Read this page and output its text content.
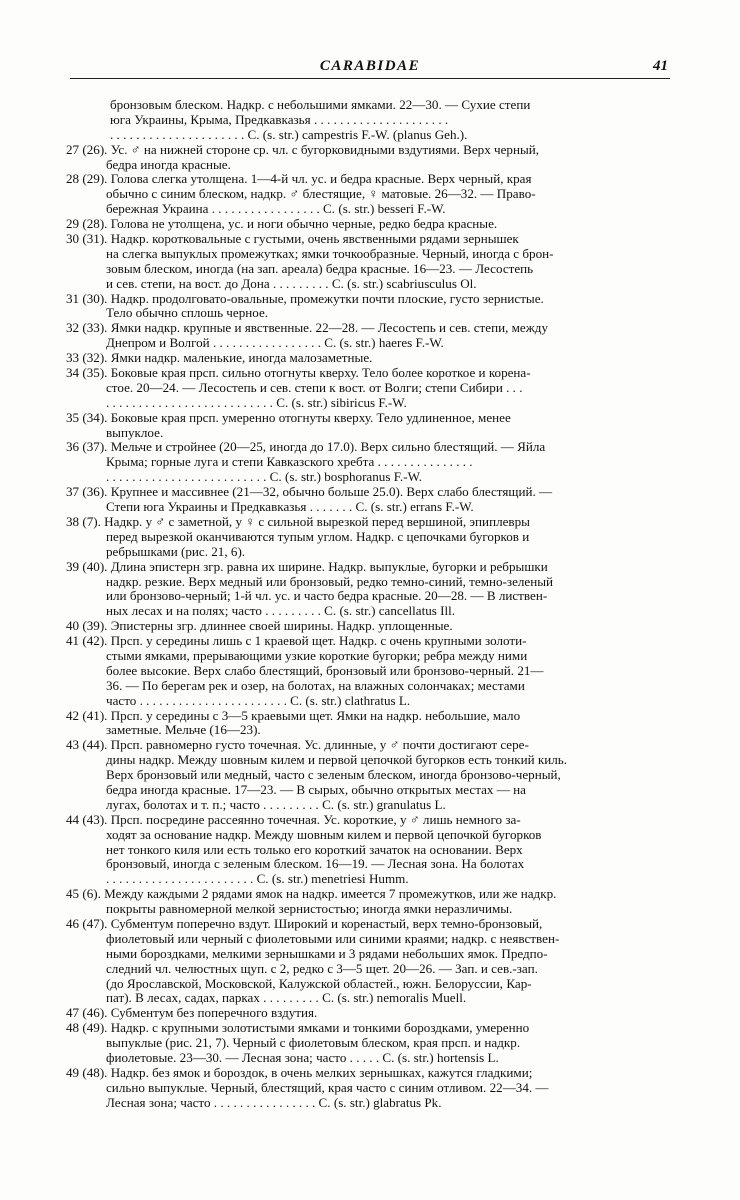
CARABIDAE	41
бронзовым блеском. Надкр. с небольшими ямками. 22—30. — Сухие степи
юга Украины, Крыма, Предкавказья . . . . . . . . . . . . . . . . . . . . .
. . . . . . . . . . . . . . . . . . . . . C. (s. str.) campestris F.-W. (planus Geh.).
27 (26). Ус. ♂ на нижней стороне ср. чл. с бугорковидными вздутиями. Верх черный,
бедра иногда красные.
28 (29). Голова слегка утолщена. 1—4-й чл. ус. и бедра красные. Верх черный, края
обычно с синим блеском, надкр. ♂ блестящие, ♀ матовые. 26—32. — Право-
бережная Украина . . . . . . . . . . . . . . . . . C. (s. str.) besseri F.-W.
29 (28). Голова не утолщена, ус. и ноги обычно черные, редко бедра красные.
30 (31). Надкр. коротковальные с густыми, очень явственными рядами зернышек
на слегка выпуклых промежутках; ямки точкообразные. Черный, иногда с брон-
зовым блеском, иногда (на зап. ареала) бедра красные. 16—23. — Лесостепь
и сев. степи, на вост. до Дона . . . . . . . . . C. (s. str.) scabriusculus Ol.
31 (30). Надкр. продолговато-овальные, промежутки почти плоские, густо зернистые.
Тело обычно сплошь черное.
32 (33). Ямки надкр. крупные и явственные. 22—28. — Лесостепь и сев. степи, между
Днепром и Волгой . . . . . . . . . . . . . . . . . C. (s. str.) haeres F.-W.
33 (32). Ямки надкр. маленькие, иногда малозаметные.
34 (35). Боковые края прсп. сильно отогнуты кверху. Тело более короткое и корена-
стое. 20—24. — Лесостепь и сев. степи к вост. от Волги; степи Сибири . . .
. . . . . . . . . . . . . . . . . . . . . . . . . . C. (s. str.) sibiricus F.-W.
35 (34). Боковые края прсп. умеренно отогнуты кверху. Тело удлиненное, менее
выпуклое.
36 (37). Мельче и стройнее (20—25, иногда до 17.0). Верх сильно блестящий. — Яйла
Крыма; горные луга и степи Кавказского хребта . . . . . . . . . . . . . . .
. . . . . . . . . . . . . . . . . . . . . . . . . C. (s. str.) bosphoranus F.-W.
37 (36). Крупнее и массивнее (21—32, обычно больше 25.0). Верх слабо блестящий. —
Степи юга Украины и Предкавказья . . . . . . . C. (s. str.) errans F.-W.
38 (7). Надкр. у ♂ с заметной, у ♀ с сильной вырезкой перед вершиной, эпиплевры
перед вырезкой оканчиваются тупым углом. Надкр. с цепочками бугорков и
ребрышками (рис. 21, 6).
39 (40). Длина эпистерн згр. равна их ширине. Надкр. выпуклые, бугорки и ребрышки
надкр. резкие. Верх медный или бронзовый, редко темно-синий, темно-зеленый
или бронзово-черный; 1-й чл. ус. и часто бедра красные. 20—28. — В листвен-
ных лесах и на полях; часто . . . . . . . . . C. (s. str.) cancellatus Ill.
40 (39). Эпистерны згр. длиннее своей ширины. Надкр. уплощенные.
41 (42). Прсп. у середины лишь с 1 краевой щет. Надкр. с очень крупными золоти-
стыми ямками, прерывающими узкие короткие бугорки; ребра между ними
более высокие. Верх слабо блестящий, бронзовый или бронзово-черный. 21—
36. — По берегам рек и озер, на болотах, на влажных солончаках; местами
часто . . . . . . . . . . . . . . . . . . . . . . . C. (s. str.) clathratus L.
42 (41). Прсп. у середины с 3—5 краевыми щет. Ямки на надкр. небольшие, мало
заметные. Мельче (16—23).
43 (44). Прсп. равномерно густо точечная. Ус. длинные, у ♂ почти достигают сере-
дины надкр. Между шовным килем и первой цепочкой бугорков есть тонкий киль.
Верх бронзовый или медный, часто с зеленым блеском, иногда бронзово-черный,
бедра иногда красные. 17—23. — В сырых, обычно открытых местах — на
лугах, болотах и т. п.; часто . . . . . . . . . C. (s. str.) granulatus L.
44 (43). Прсп. посредине рассеянно точечная. Ус. короткие, у ♂ лишь немного за-
ходят за основание надкр. Между шовным килем и первой цепочкой бугорков
нет тонкого киля или есть только его короткий зачаток на основании. Верх
бронзовый, иногда с зеленым блеском. 16—19. — Лесная зона. На болотах
. . . . . . . . . . . . . . . . . . . . . . . C. (s. str.) menetriesi Humm.
45 (6). Между каждыми 2 рядами ямок на надкр. имеется 7 промежутков, или же надкр.
покрыты равномерной мелкой зернистостью; иногда ямки неразличимы.
46 (47). Субментум поперечно вздут. Широкий и коренастый, верх темно-бронзовый,
фиолетовый или черный с фиолетовыми или синими краями; надкр. с неявствен-
ными бороздками, мелкими зернышками и 3 рядами небольших ямок. Предпо-
следний чл. челюстных щуп. с 2, редко с 3—5 щет. 20—26. — Зап. и сев.-зап.
(до Ярославской, Московской, Калужской областей., южн. Белоруссии, Кар-
пат). В лесах, садах, парках . . . . . . . . . C. (s. str.) nemoralis Muell.
47 (46). Субментум без поперечного вздутия.
48 (49). Надкр. с крупными золотистыми ямками и тонкими бороздками, умеренно
выпуклые (рис. 21, 7). Черный с фиолетовым блеском, края прсп. и надкр.
фиолетовые. 23—30. — Лесная зона; часто . . . . . C. (s. str.) hortensis L.
49 (48). Надкр. без ямок и бороздок, в очень мелких зернышках, кажутся гладкими;
сильно выпуклые. Черный, блестящий, края часто с синим отливом. 22—34. —
Лесная зона; часто . . . . . . . . . . . . . . . . C. (s. str.) glabratus Pk.
